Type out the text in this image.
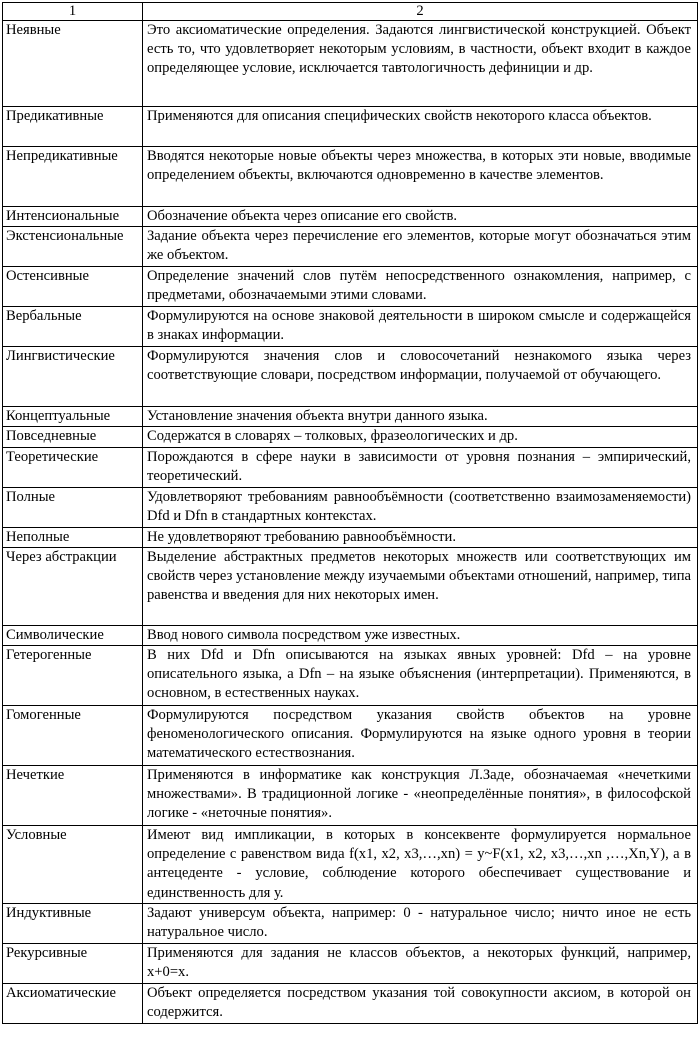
1	2
Неявные	Это аксиоматические определения. Задаются лингвистической конструкцией. Объект есть то, что удовлетворяет некоторым условиям, в частности, объект входит в каждое определяющее условие, исключается тавтологичность дефиниции и др.
Предикативные	Применяются для описания специфических свойств некоторого класса объектов.
Непредикативные	Вводятся некоторые новые объекты через множества, в которых эти новые, вводимые определением объекты, включаются одновременно в качестве элементов.
Интенсиональные	Обозначение объекта через описание его свойств.
Экстенсиональные	Задание объекта через перечисление его элементов, которые могут обозначаться этим же объектом.
Остенсивные	Определение значений слов путём непосредственного ознакомления, например, с предметами, обозначаемыми этими словами.
Вербальные	Формулируются на основе знаковой деятельности в широком смысле и содержащейся в знаках информации.
Лингвистические	Формулируются значения слов и словосочетаний незнакомого языка через соответствующие словари, посредством информации, получаемой от обучающего.
Концептуальные	Установление значения объекта внутри данного языка.
Повседневные	Содержатся в словарях – толковых, фразеологических и др.
Теоретические	Порождаются в сфере науки в зависимости от уровня познания – эмпирический, теоретический.
Полные	Удовлетворяют требованиям равнообъёмности (соответственно взаимозаменяемости) Dfd и Dfn в стандартных контекстах.
Неполные	Не удовлетворяют требованию равнообъёмности.
Через абстракции	Выделение абстрактных предметов некоторых множеств или соответствующих им свойств через установление между изучаемыми объектами отношений, например, типа равенства и введения для них некоторых имен.
Символические	Ввод нового символа посредством уже известных.
Гетерогенные	В них Dfd и Dfn описываются на языках явных уровней: Dfd – на уровне описательного языка, а Dfn – на языке объяснения (интерпретации). Применяются, в основном, в естественных науках.
Гомогенные	Формулируются посредством указания свойств объектов на уровне феноменологического описания. Формулируются на языке одного уровня в теории математического естествознания.
Нечеткие	Применяются в информатике как конструкция Л.Заде, обозначаемая «нечеткими множествами». В традиционной логике - «неопределённые понятия», в философской логике - «неточные понятия».
Условные	Имеют вид импликации, в которых в консеквенте формулируется нормальное определение с равенством вида f(x1, x2, x3,…,xn) = y~F(x1, x2, x3,…,xn ,…,Xn,Y), а в антецеденте - условие, соблюдение которого обеспечивает существование и единственность для у.
Индуктивные	Задают универсум объекта, например: 0 - натуральное число; ничто иное не есть натуральное число.
Рекурсивные	Применяются для задания не классов объектов, а некоторых функций, например, x+0=x.
Аксиоматические	Объект определяется посредством указания той совокупности аксиом, в которой он содержится.
